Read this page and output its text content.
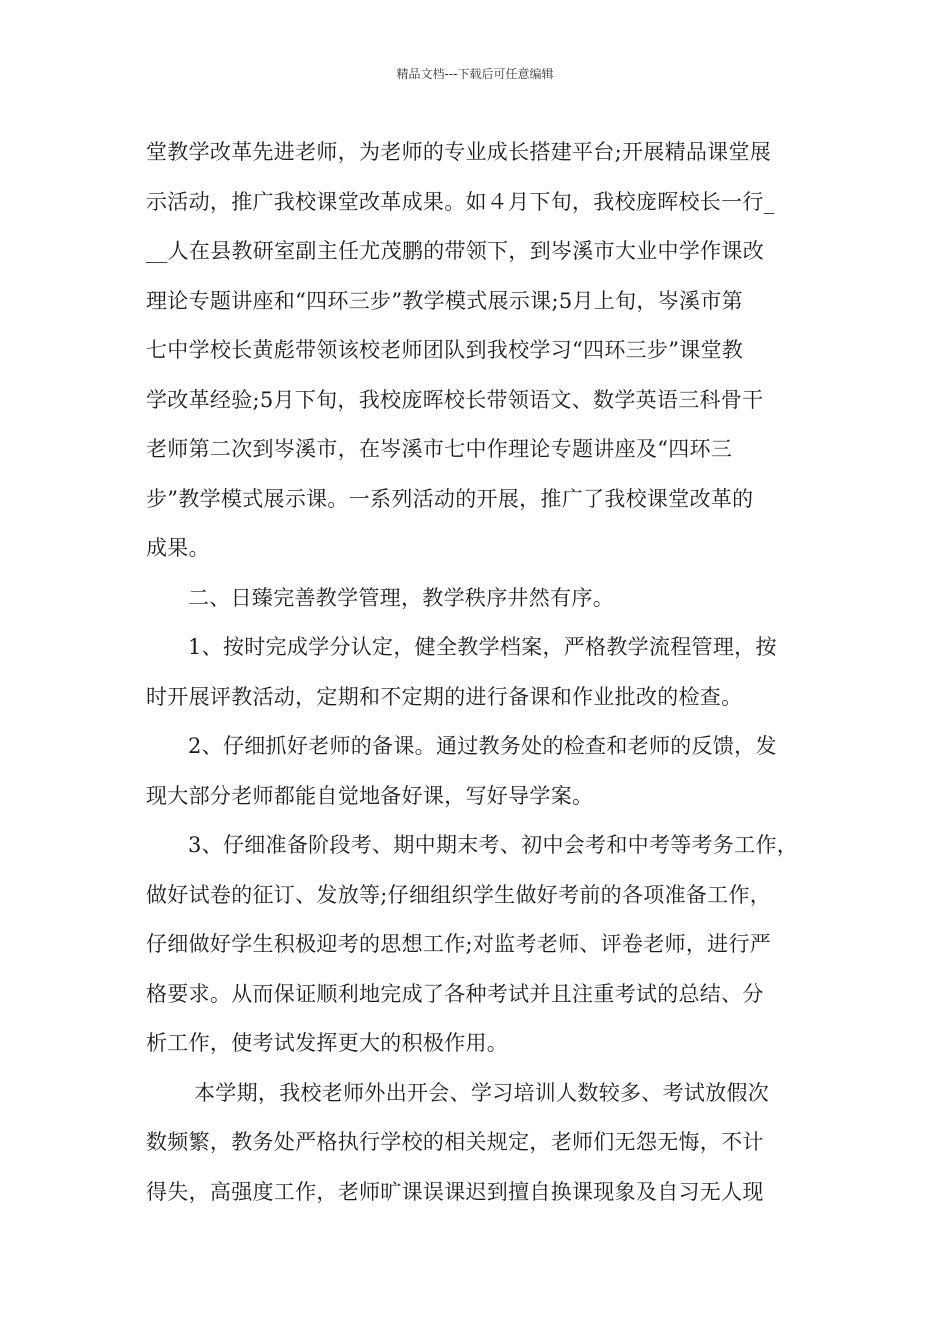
精品文档---下载后可任意编辑
堂教学改革先进老师，为老师的专业成长搭建平台;开展精品课堂展
示活动，推广我校课堂改革成果。如４月下旬，我校庞晖校长一行_
__人在县教研室副主任尤茂鹏的带领下，到岑溪市大业中学作课改
理论专题讲座和“四环三步”教学模式展示课;5月上旬，岑溪市第
七中学校长黄彪带领该校老师团队到我校学习“四环三步”课堂教
学改革经验;5月下旬，我校庞晖校长带领语文、数学英语三科骨干
老师第二次到岑溪市，在岑溪市七中作理论专题讲座及“四环三
步”教学模式展示课。一系列活动的开展，推广了我校课堂改革的
成果。
二、日臻完善教学管理，教学秩序井然有序。
1、按时完成学分认定，健全教学档案，严格教学流程管理，按
时开展评教活动，定期和不定期的进行备课和作业批改的检查。
2、仔细抓好老师的备课。通过教务处的检查和老师的反馈，发
现大部分老师都能自觉地备好课，写好导学案。
3、仔细准备阶段考、期中期末考、初中会考和中考等考务工作，
做好试卷的征订、发放等;仔细组织学生做好考前的各项准备工作，
仔细做好学生积极迎考的思想工作;对监考老师、评卷老师，进行严
格要求。从而保证顺利地完成了各种考试并且注重考试的总结、分
析工作，使考试发挥更大的积极作用。
本学期，我校老师外出开会、学习培训人数较多、考试放假次
数频繁，教务处严格执行学校的相关规定，老师们无怨无悔，不计
得失，高强度工作，老师旷课误课迟到擅自换课现象及自习无人现
